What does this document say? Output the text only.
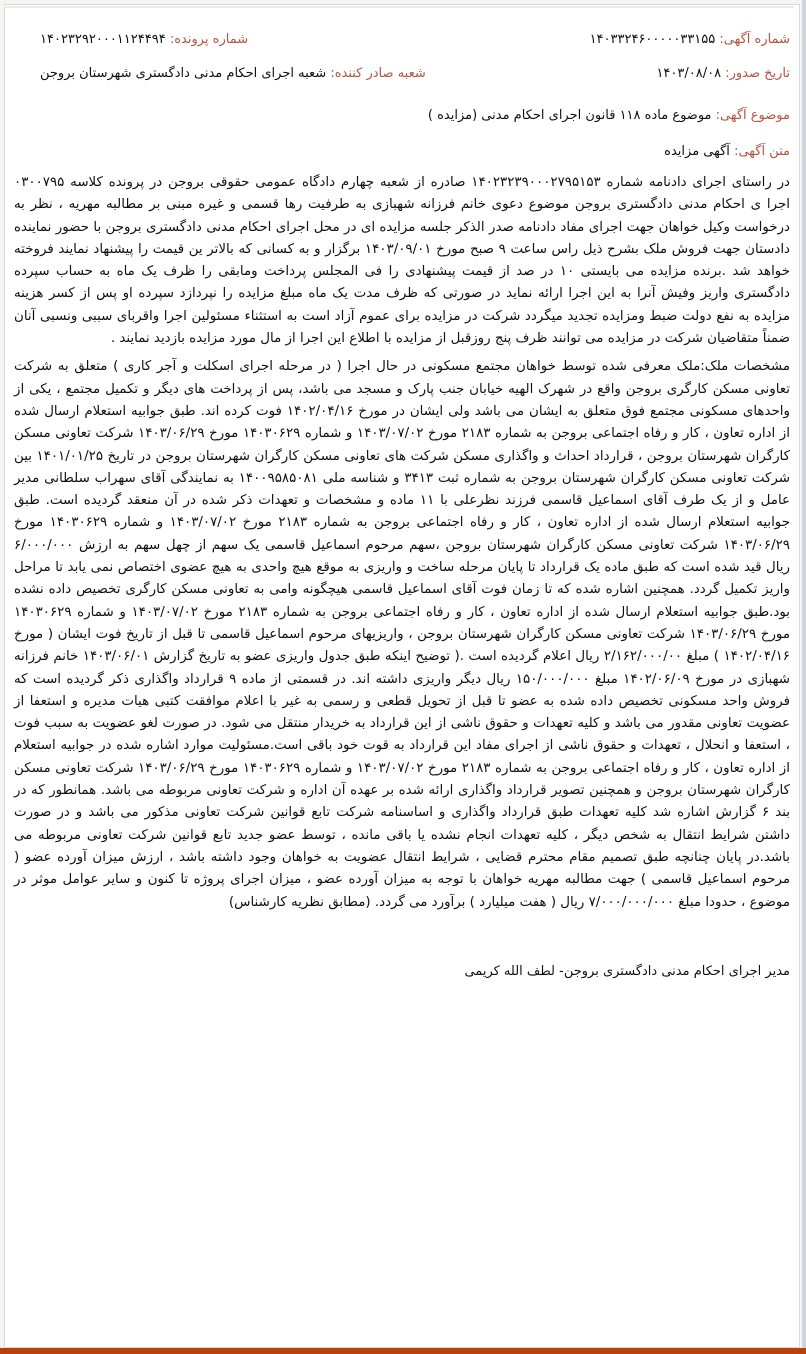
شماره آگهی: ۱۴۰۳۳۲۴۶۰۰۰۰۰۳۳۱۵۵
شماره پرونده: ۱۴۰۲۳۲۹۲۰۰۰۱۱۲۴۴۹۴
تاریخ صدور: ۱۴۰۳/۰۸/۰۸
شعبه صادر کننده: شعبه اجرای احکام مدنی دادگستری شهرستان بروجن
موضوع آگهی: موضوع ماده ۱۱۸ قانون اجرای احکام مدنی (مزایده )
متن آگهی: آگهی مزایده

در راستای اجرای دادنامه شماره ۱۴۰۲۳۲۳۹۰۰۰۲۷۹۵۱۵۳ صادره از شعبه چهارم دادگاه عمومی حقوقی بروجن در پرونده کلاسه ۰۳۰۰۷۹۵ اجرا ی احکام مدنی دادگستری بروجن موضوع دعوی خانم فرزانه شهبازی به طرفیت رها قسمی و غیره مبنی بر مطالبه مهریه ، نظر به درخواست وکیل خواهان جهت اجرای مفاد دادنامه صدر الذکر جلسه مزایده ای در محل اجرای احکام مدنی دادگستری بروجن با حضور نماینده دادستان جهت فروش ملک بشرح ذیل راس ساعت ۹ صبح مورخ ۱۴۰۳/۰۹/۰۱ برگزار و به کسانی که بالاتر ین قیمت را پیشنهاد نمایند فروخته خواهد شد .برنده مزایده می بایستی ۱۰ در صد از قیمت پیشنهادی را فی المجلس پرداخت ومابقی را ظرف یک ماه به حساب سپرده دادگستری واریز وفیش آنرا به این اجرا ارائه نماید در صورتی که ظرف مدت یک ماه مبلغ مزایده را نپردازد سپرده او پس از کسر هزینه مزایده به نفع دولت ضبط ومزایده تجدید میگردد شرکت در مزایده برای عموم آزاد است به استثناء مسئولین اجرا واقربای سببی ونسبی آنان ضمناً متقاضیان شرکت در مزایده می توانند ظرف پنج روزقبل از مزایده با اطلاع این اجرا از مال مورد مزایده بازدید نمایند .

مشخصات ملک:ملک معرفی شده توسط خواهان مجتمع مسکونی در حال اجرا ( در مرحله اجرای اسکلت و آجر کاری ) متعلق به شرکت تعاونی مسکن کارگری بروجن واقع در شهرک الهیه خیابان جنب پارک و مسجد می باشد، پس از پرداخت های دیگر و تکمیل مجتمع ، یکی از واحدهای مسکونی مجتمع فوق متعلق به ایشان می باشد ولی ایشان در مورخ ۱۴۰۲/۰۴/۱۶ فوت کرده اند. طبق جوابیه استعلام ارسال شده از اداره تعاون ، کار و رفاه اجتماعی بروجن به شماره ۲۱۸۳ مورخ ۱۴۰۳/۰۷/۰۲ و شماره ۱۴۰۳۰۶۲۹ مورخ ۱۴۰۳/۰۶/۲۹ شرکت تعاونی مسکن کارگران شهرستان بروجن ، قرارداد احداث و واگذاری مسکن شرکت های تعاونی مسکن کارگران شهرستان بروجن در تاریخ ۱۴۰۱/۰۱/۲۵ بین شرکت تعاونی مسکن کارگران شهرستان بروجن به شماره ثبت ۳۴۱۳ و شناسه ملی ۱۴۰۰۹۵۸۵۰۸۱ به نمایندگی آقای سهراب سلطانی مدیر عامل و از یک طرف آقای اسماعیل قاسمی فرزند نظرعلی با ۱۱ ماده و مشخصات و تعهدات ذکر شده در آن منعقد گردیده است. طبق جوابیه استعلام ارسال شده از اداره تعاون ، کار و رفاه اجتماعی بروجن به شماره ۲۱۸۳ مورخ ۱۴۰۳/۰۷/۰۲ و شماره ۱۴۰۳۰۶۲۹ مورخ ۱۴۰۳/۰۶/۲۹ شرکت تعاونی مسکن کارگران شهرستان بروجن ،سهم مرحوم اسماعیل قاسمی یک سهم از چهل سهم به ارزش ۶/۰۰۰/۰۰۰ ریال قید شده است که طبق ماده یک قرارداد تا پایان مرحله ساخت و واریزی به موقع هیچ واحدی به هیچ عضوی اختصاص نمی یابد تا مراحل واریز تکمیل گردد. همچنین اشاره شده که تا زمان فوت آقای اسماعیل قاسمی هیچگونه وامی به تعاونی مسکن کارگری تخصیص داده نشده بود.طبق جوابیه استعلام ارسال شده از اداره تعاون ، کار و رفاه اجتماعی بروجن به شماره ۲۱۸۳ مورخ ۱۴۰۳/۰۷/۰۲ و شماره ۱۴۰۳۰۶۲۹ مورخ ۱۴۰۳/۰۶/۲۹ شرکت تعاونی مسکن کارگران شهرستان بروجن ، واریزیهای مرحوم اسماعیل قاسمی تا قبل از تاریخ فوت ایشان ( مورخ ۱۴۰۲/۰۴/۱۶ ) مبلغ ۲/۱۶۲/۰۰۰/۰۰ ریال اعلام گردیده است .( توضیح اینکه طبق جدول واریزی عضو به تاریخ گزارش ۱۴۰۳/۰۶/۰۱ خانم فرزانه شهبازی در مورخ ۱۴۰۲/۰۶/۰۹ مبلغ ۱۵۰/۰۰۰/۰۰۰ ریال دیگر واریزی داشته اند. در قسمتی از ماده ۹ قرارداد واگذاری ذکر گردیده است که فروش واحد مسکونی تخصیص داده شده به عضو تا قبل از تحویل قطعی و رسمی به غیر با اعلام موافقت کتبی هیات مدیره و استعفا از عضویت تعاونی مقدور می باشد و کلیه تعهدات و حقوق ناشی از این قرارداد به خریدار منتقل می شود. در صورت لغو عضویت به سبب فوت ، استعفا و انحلال ، تعهدات و حقوق ناشی از اجرای مفاد این قرارداد به قوت خود باقی است.مسئولیت موارد اشاره شده در جوابیه استعلام از اداره تعاون ، کار و رفاه اجتماعی بروجن به شماره ۲۱۸۳ مورخ ۱۴۰۳/۰۷/۰۲ و شماره ۱۴۰۳۰۶۲۹ مورخ ۱۴۰۳/۰۶/۲۹ شرکت تعاونی مسکن کارگران شهرستان بروجن و همچنین تصویر قرارداد واگذاری ارائه شده بر عهده آن اداره و شرکت تعاونی مربوطه می باشد. همانطور که در بند ۶ گزارش اشاره شد کلیه تعهدات طبق قرارداد واگذاری و اساسنامه شرکت تابع قوانین شرکت تعاونی مذکور می باشد و در صورت داشتن شرایط انتقال به شخص دیگر ، کلیه تعهدات انجام نشده یا باقی مانده ، توسط عضو جدید تابع قوانین شرکت تعاونی مربوطه می باشد.در پایان چنانچه طبق تصمیم مقام محترم قضایی ، شرایط انتقال عضویت به خواهان وجود داشته باشد ، ارزش میزان آورده عضو ( مرحوم اسماعیل قاسمی ) جهت مطالبه مهریه خواهان با توجه به میزان آورده عضو ، میزان اجرای پروژه تا کنون و سایر عوامل موثر در موضوع ، حدودا مبلغ ۷/۰۰۰/۰۰۰/۰۰۰ ریال ( هفت میلیارد ) برآورد می گردد. (مطابق نظریه کارشناس)

مدیر اجرای احکام مدنی دادگستری بروجن- لطف الله کریمی
